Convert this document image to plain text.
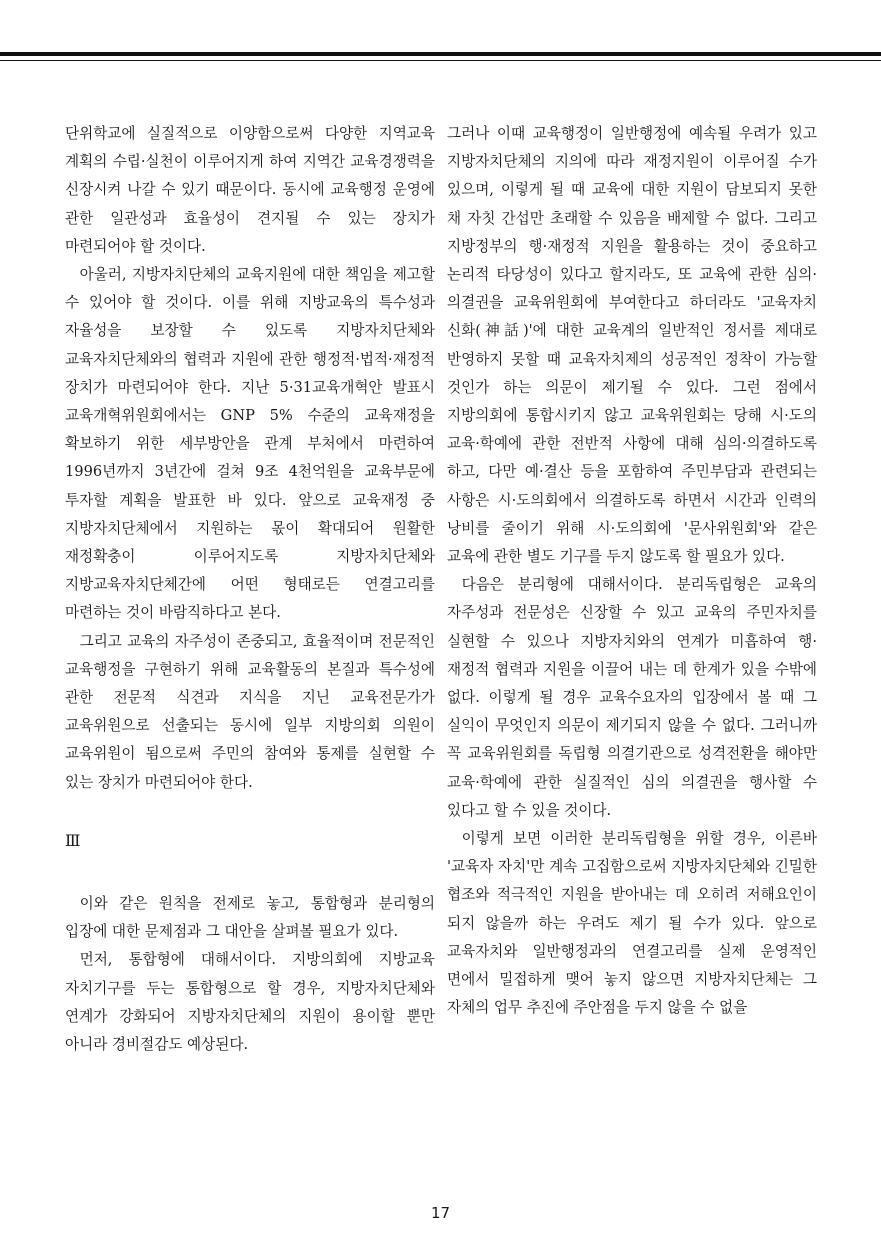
단위학교에 실질적으로 이양함으로써 다양한 지역교육 계획의 수립·실천이 이루어지게 하여 지역간 교육경쟁력을 신장시켜 나갈 수 있기 때문이다. 동시에 교육행정 운영에 관한 일관성과 효율성이 견지될 수 있는 장치가 마련되어야 할 것이다.

아울러, 지방자치단체의 교육지원에 대한 책임을 제고할 수 있어야 할 것이다. 이를 위해 지방교육의 특수성과 자율성을 보장할 수 있도록 지방자치단체와 교육자치단체와의 협력과 지원에 관한 행정적·법적·재정적 장치가 마련되어야 한다. 지난 5·31교육개혁안 발표시 교육개혁위원회에서는 GNP 5% 수준의 교육재정을 확보하기 위한 세부방안을 관계 부처에서 마련하여 1996년까지 3년간에 걸쳐 9조 4천억원을 교육부문에 투자할 계획을 발표한 바 있다. 앞으로 교육재정 중 지방자치단체에서 지원하는 몫이 확대되어 원활한 재정확충이 이루어지도록 지방자치단체와 지방교육자치단체간에 어떤 형태로든 연결고리를 마련하는 것이 바람직하다고 본다.

그리고 교육의 자주성이 존중되고, 효율적이며 전문적인 교육행정을 구현하기 위해 교육활동의 본질과 특수성에 관한 전문적 식견과 지식을 지닌 교육전문가가 교육위원으로 선출되는 동시에 일부 지방의회 의원이 교육위원이 됨으로써 주민의 참여와 통제를 실현할 수 있는 장치가 마련되어야 한다.

Ⅲ

이와 같은 원칙을 전제로 놓고, 통합형과 분리형의 입장에 대한 문제점과 그 대안을 살펴볼 필요가 있다.

먼저, 통합형에 대해서이다. 지방의회에 지방교육 자치기구를 두는 통합형으로 할 경우, 지방자치단체와 연계가 강화되어 지방자치단체의 지원이 용이할 뿐만 아니라 경비절감도 예상된다.

그러나 이때 교육행정이 일반행정에 예속될 우려가 있고 지방자치단체의 지의에 따라 재정지원이 이루어질 수가 있으며, 이렇게 될 때 교육에 대한 지원이 담보되지 못한 채 자칫 간섭만 초래할 수 있음을 배제할 수 없다. 그리고 지방정부의 행·재정적 지원을 활용하는 것이 중요하고 논리적 타당성이 있다고 할지라도, 또 교육에 관한 심의·의결권을 교육위원회에 부여한다고 하더라도 '교육자치 신화(神話)'에 대한 교육계의 일반적인 정서를 제대로 반영하지 못할 때 교육자치제의 성공적인 정착이 가능할 것인가 하는 의문이 제기될 수 있다. 그런 점에서 지방의회에 통합시키지 않고 교육위원회는 당해 시·도의 교육·학예에 관한 전반적 사항에 대해 심의·의결하도록 하고, 다만 예·결산 등을 포함하여 주민부담과 관련되는 사항은 시·도의회에서 의결하도록 하면서 시간과 인력의 낭비를 줄이기 위해 시·도의회에 '문사위원회'와 같은 교육에 관한 별도 기구를 두지 않도록 할 필요가 있다.

다음은 분리형에 대해서이다. 분리독립형은 교육의 자주성과 전문성은 신장할 수 있고 교육의 주민자치를 실현할 수 있으나 지방자치와의 연계가 미흡하여 행·재정적 협력과 지원을 이끌어 내는 데 한계가 있을 수밖에 없다. 이렇게 될 경우 교육수요자의 입장에서 볼 때 그 실익이 무엇인지 의문이 제기되지 않을 수 없다. 그러니까 꼭 교육위원회를 독립형 의결기관으로 성격전환을 해야만 교육·학예에 관한 실질적인 심의 의결권을 행사할 수 있다고 할 수 있을 것이다.

이렇게 보면 이러한 분리독립형을 위할 경우, 이른바 '교육자 자치'만 계속 고집함으로써 지방자치단체와 긴밀한 협조와 적극적인 지원을 받아내는 데 오히려 저해요인이 되지 않을까 하는 우려도 제기 될 수가 있다. 앞으로 교육자치와 일반행정과의 연결고리를 실제 운영적인 면에서 밀접하게 맺어 놓지 않으면 지방자치단체는 그 자체의 업무 추진에 주안점을 두지 않을 수 없을

17
